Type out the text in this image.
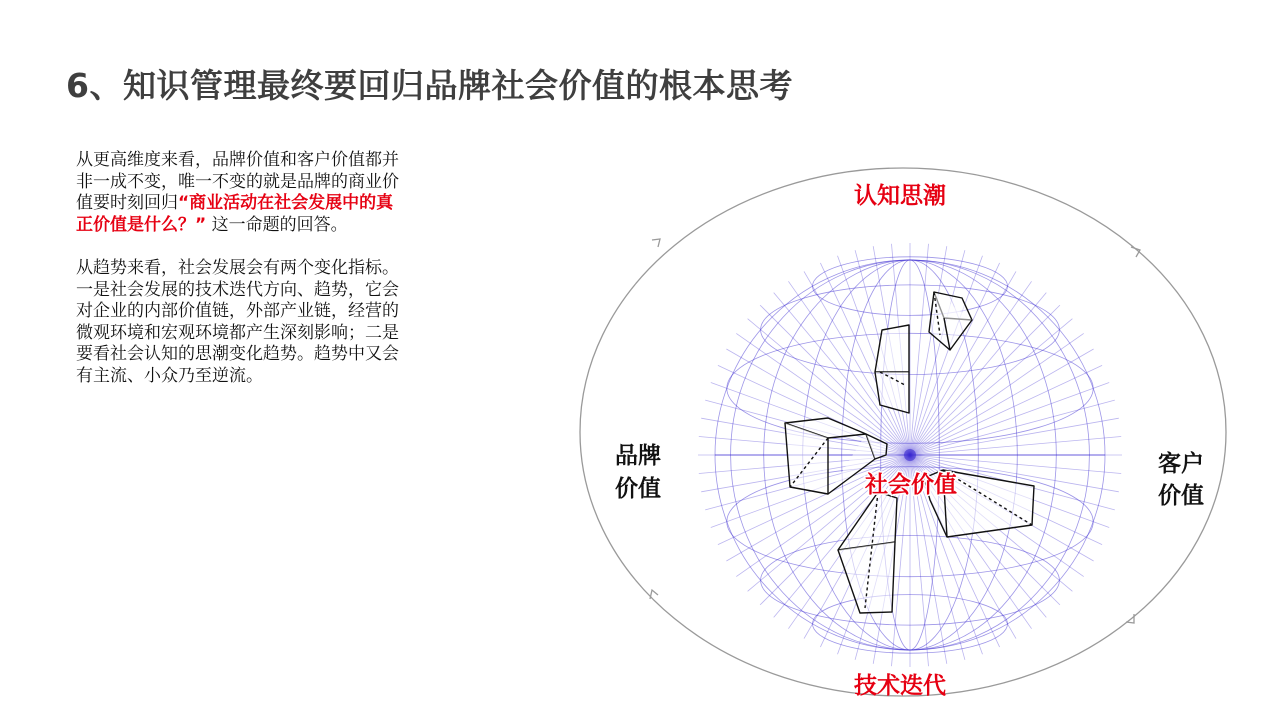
6、知识管理最终要回归品牌社会价值的根本思考

从更高维度来看，品牌价值和客户价值都并
非一成不变，唯一不变的就是品牌的商业价
值要时刻回归“商业活动在社会发展中的真
正价值是什么？” 这一命题的回答。

从趋势来看，社会发展会有两个变化指标。
一是社会发展的技术迭代方向、趋势，它会
对企业的内部价值链，外部产业链，经营的
微观环境和宏观环境都产生深刻影响；二是
要看社会认知的思潮变化趋势。趋势中又会
有主流、小众乃至逆流。

认知思潮
技术迭代
社会价值
品牌
价值
客户
价值
